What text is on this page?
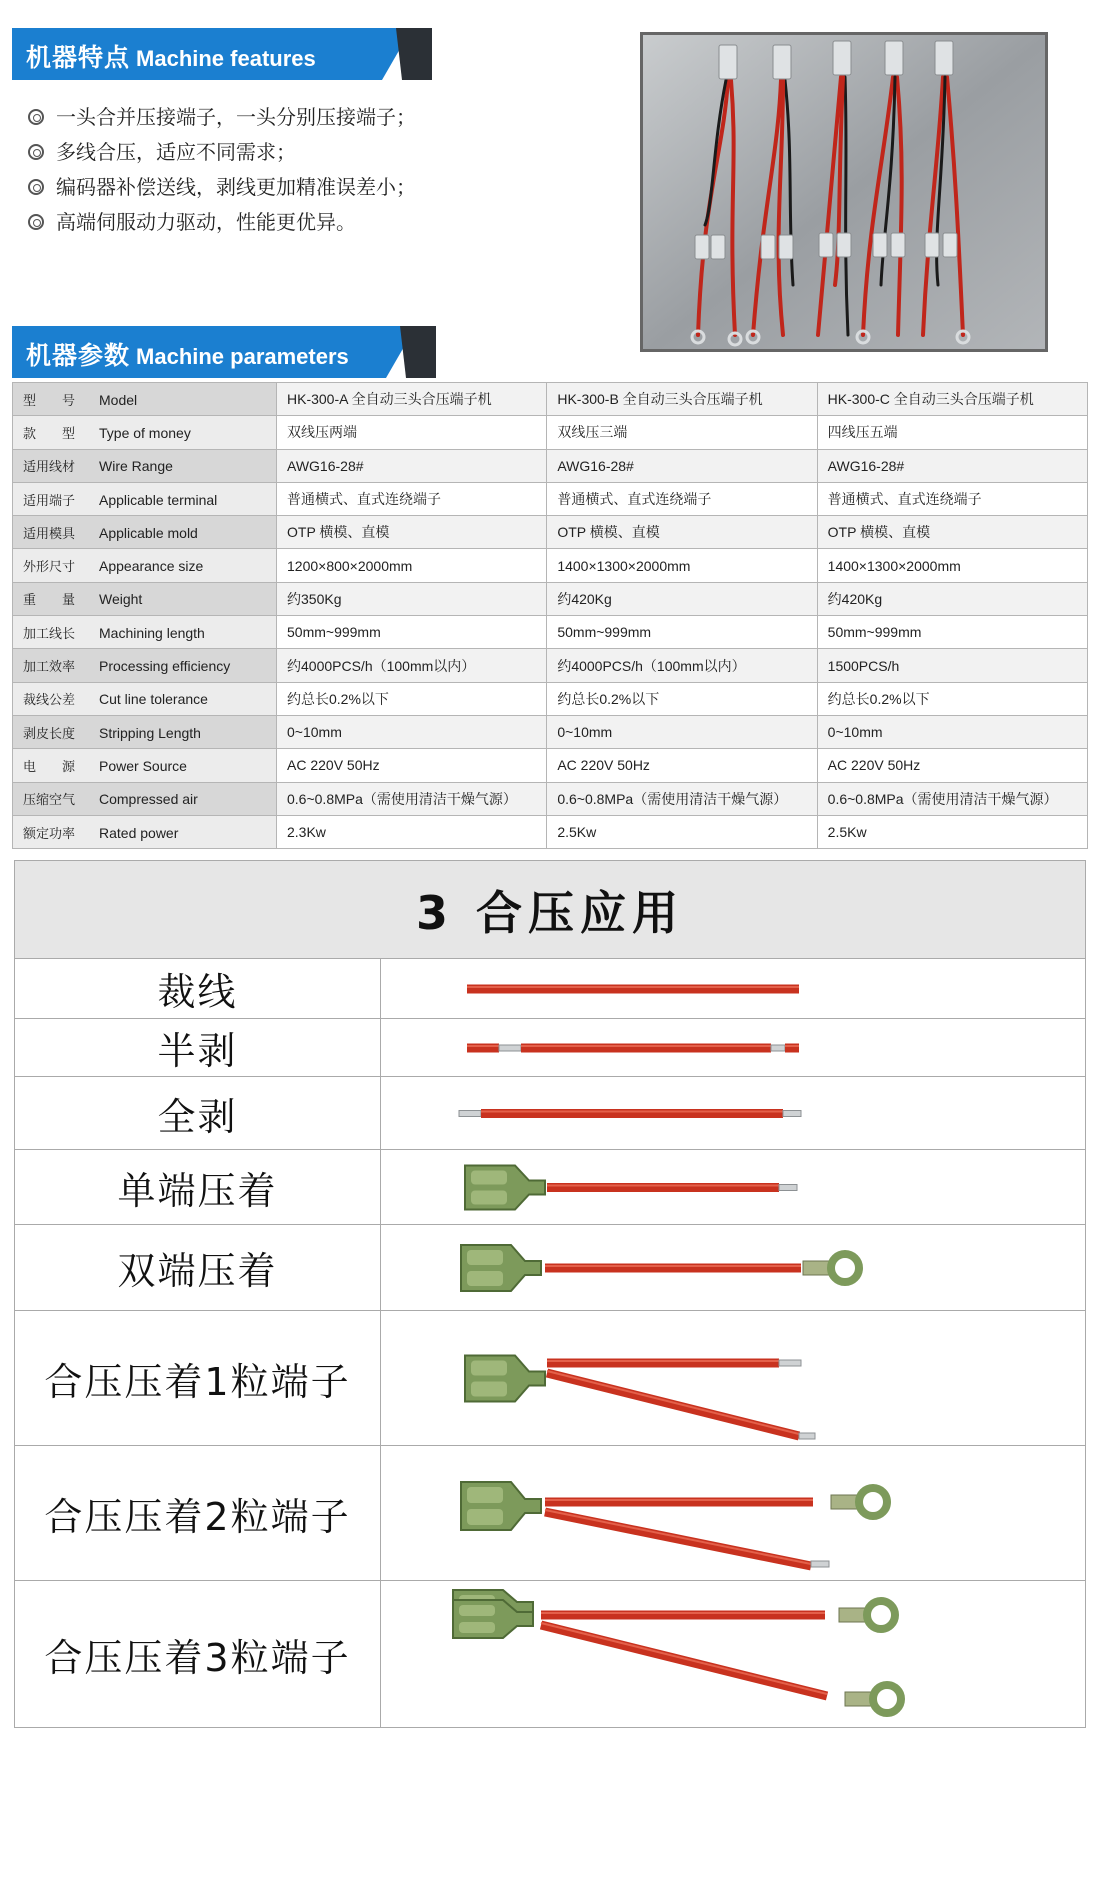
机器特点 Machine features
一头合并压接端子，一头分别压接端子；
多线合压，适应不同需求；
编码器补偿送线，剥线更加精准误差小；
高端伺服动力驱动，性能更优异。
机器参数 Machine parameters
型　　号 Model	HK-300-A 全自动三头合压端子机	HK-300-B 全自动三头合压端子机	HK-300-C 全自动三头合压端子机
款　　型 Type of money	双线压两端	双线压三端	四线压五端
适用线材 Wire Range	AWG16-28#	AWG16-28#	AWG16-28#
适用端子 Applicable terminal	普通横式、直式连绕端子	普通横式、直式连绕端子	普通横式、直式连绕端子
适用模具 Applicable mold	OTP 横模、直模	OTP 横模、直模	OTP 横模、直模
外形尺寸 Appearance size	1200×800×2000mm	1400×1300×2000mm	1400×1300×2000mm
重　　量 Weight	约350Kg	约420Kg	约420Kg
加工线长 Machining length	50mm~999mm	50mm~999mm	50mm~999mm
加工效率 Processing efficiency	约4000PCS/h（100mm以内）	约4000PCS/h（100mm以内）	1500PCS/h
裁线公差 Cut line tolerance	约总长0.2%以下	约总长0.2%以下	约总长0.2%以下
剥皮长度 Stripping Length	0~10mm	0~10mm	0~10mm
电　　源 Power Source	AC 220V 50Hz	AC 220V 50Hz	AC 220V 50Hz
压缩空气 Compressed air	0.6~0.8MPa（需使用清洁干燥气源）	0.6~0.8MPa（需使用清洁干燥气源）	0.6~0.8MPa（需使用清洁干燥气源）
额定功率 Rated power	2.3Kw	2.5Kw	2.5Kw
3 合压应用
裁线
半剥
全剥
单端压着
双端压着
合压压着1粒端子
合压压着2粒端子
合压压着3粒端子
